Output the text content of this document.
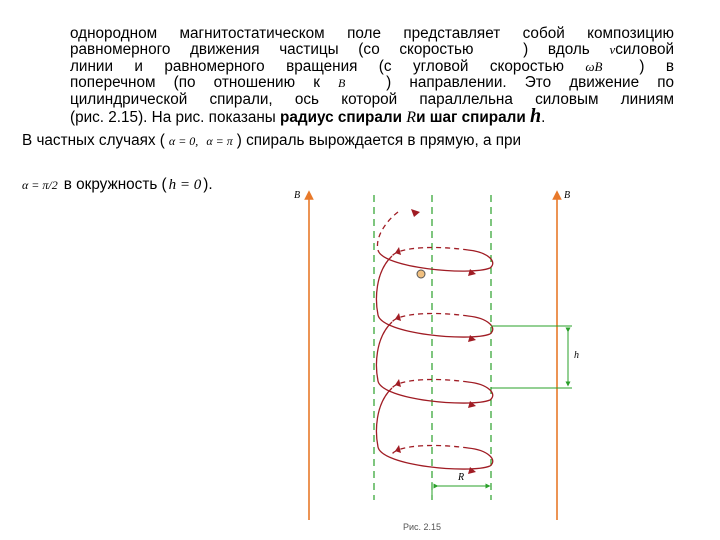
однородном магнитостатическом поле представляет собой композицию
равномерного движения частицы (со скоростью	) вдоль vсиловой
линии и равномерного вращения (с угловой скоростью ωB ) в
поперечном (по отношению к B	) направлении. Это движение по
цилиндрической спирали, ось которой параллельна силовым линиям
(рис. 2.15). На рис. показаны радиус спирали Rи шаг спирали h.
В частных случаях ( α = 0, α = π ) спираль вырождается в прямую, а при
α = π/2 в окружность ( h = 0 ).
B	B
h
R
Рис. 2.15
